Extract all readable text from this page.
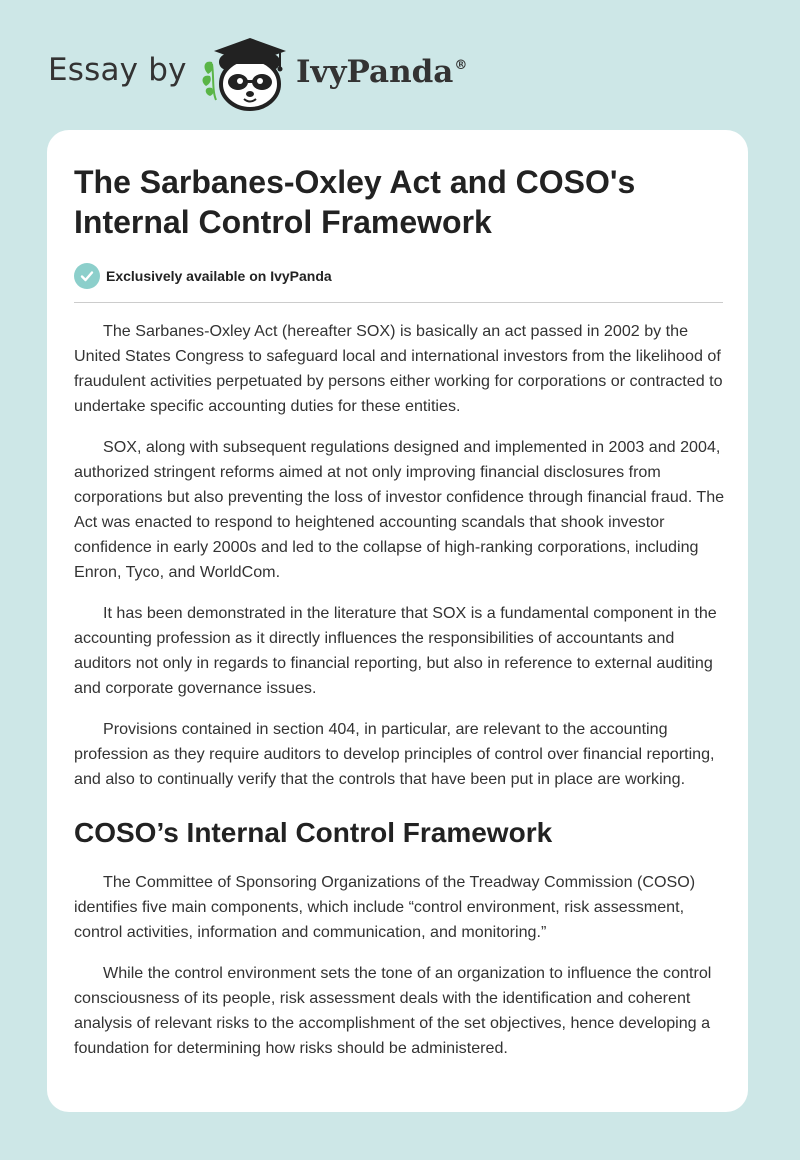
Essay by	IvyPanda®
The Sarbanes-Oxley Act and COSO's Internal Control Framework
Exclusively available on IvyPanda

The Sarbanes-Oxley Act (hereafter SOX) is basically an act passed in 2002 by the United States Congress to safeguard local and international investors from the likelihood of fraudulent activities perpetuated by persons either working for corporations or contracted to undertake specific accounting duties for these entities.

SOX, along with subsequent regulations designed and implemented in 2003 and 2004, authorized stringent reforms aimed at not only improving financial disclosures from corporations but also preventing the loss of investor confidence through financial fraud. The Act was enacted to respond to heightened accounting scandals that shook investor confidence in early 2000s and led to the collapse of high-ranking corporations, including Enron, Tyco, and WorldCom.

It has been demonstrated in the literature that SOX is a fundamental component in the accounting profession as it directly influences the responsibilities of accountants and auditors not only in regards to financial reporting, but also in reference to external auditing and corporate governance issues.

Provisions contained in section 404, in particular, are relevant to the accounting profession as they require auditors to develop principles of control over financial reporting, and also to continually verify that the controls that have been put in place are working.

COSO’s Internal Control Framework

The Committee of Sponsoring Organizations of the Treadway Commission (COSO) identifies five main components, which include “control environment, risk assessment, control activities, information and communication, and monitoring.”

While the control environment sets the tone of an organization to influence the control consciousness of its people, risk assessment deals with the identification and coherent analysis of relevant risks to the accomplishment of the set objectives, hence developing a foundation for determining how risks should be administered.
